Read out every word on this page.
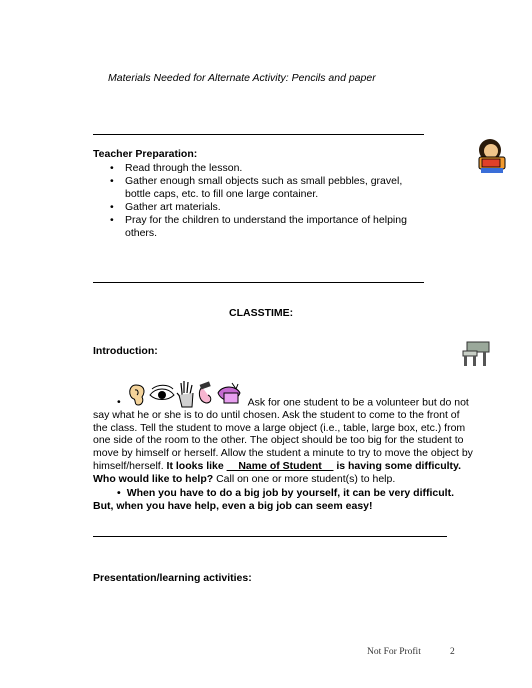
Materials Needed for Alternate Activity: Pencils and paper
Teacher Preparation:
• Read through the lesson.
• Gather enough small objects such as small pebbles, gravel, bottle caps, etc. to fill one large container.
• Gather art materials.
• Pray for the children to understand the importance of helping others.
CLASSTIME:
Introduction:
•	Ask for one student to be a volunteer but do not say what he or she is to do until chosen. Ask the student to come to the front of the class. Tell the student to move a large object (i.e., table, large box, etc.) from one side of the room to the other. The object should be too big for the student to move by himself or herself. Allow the student a minute to try to move the object by himself/herself. It looks like __Name of Student__ is having some difficulty. Who would like to help? Call on one or more student(s) to help.
• When you have to do a big job by yourself, it can be very difficult. But, when you have help, even a big job can seem easy!
Presentation/learning activities:
Not For Profit	2
